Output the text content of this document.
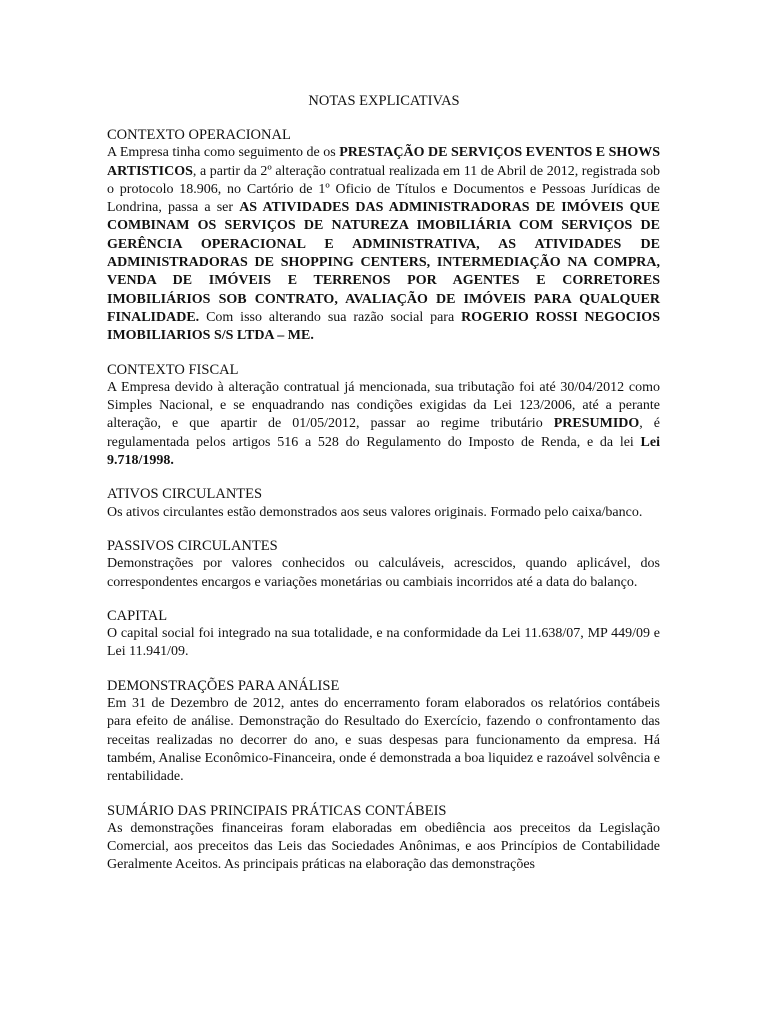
NOTAS EXPLICATIVAS
CONTEXTO OPERACIONAL
A Empresa tinha como seguimento de os PRESTAÇÃO DE SERVIÇOS EVENTOS E SHOWS ARTISTICOS, a partir da 2º alteração contratual realizada em 11 de Abril de 2012, registrada sob o protocolo 18.906, no Cartório de 1º Oficio de Títulos e Documentos e Pessoas Jurídicas de Londrina, passa a ser AS ATIVIDADES DAS ADMINISTRADORAS DE IMÓVEIS QUE COMBINAM OS SERVIÇOS DE NATUREZA IMOBILIÁRIA COM SERVIÇOS DE GERÊNCIA OPERACIONAL E ADMINISTRATIVA, AS ATIVIDADES DE ADMINISTRADORAS DE SHOPPING CENTERS, INTERMEDIAÇÃO NA COMPRA, VENDA DE IMÓVEIS E TERRENOS POR AGENTES E CORRETORES IMOBILIÁRIOS SOB CONTRATO, AVALIAÇÃO DE IMÓVEIS PARA QUALQUER FINALIDADE. Com isso alterando sua razão social para ROGERIO ROSSI NEGOCIOS IMOBILIARIOS S/S LTDA – ME.
CONTEXTO FISCAL
A Empresa devido à alteração contratual já mencionada, sua tributação foi até 30/04/2012 como Simples Nacional, e se enquadrando nas condições exigidas da Lei 123/2006, até a perante alteração, e que apartir de 01/05/2012, passar ao regime tributário PRESUMIDO, é regulamentada pelos artigos 516 a 528 do Regulamento do Imposto de Renda, e da lei Lei 9.718/1998.
ATIVOS CIRCULANTES
Os ativos circulantes estão demonstrados aos seus valores originais. Formado pelo caixa/banco.
PASSIVOS CIRCULANTES
Demonstrações por valores conhecidos ou calculáveis, acrescidos, quando aplicável, dos correspondentes encargos e variações monetárias ou cambiais incorridos até a data do balanço.
CAPITAL
O capital social foi integrado na sua totalidade, e na conformidade da Lei 11.638/07, MP 449/09 e Lei 11.941/09.
DEMONSTRAÇÕES PARA ANÁLISE
Em 31 de Dezembro de 2012, antes do encerramento foram elaborados os relatórios contábeis para efeito de análise. Demonstração do Resultado do Exercício, fazendo o confrontamento das receitas realizadas no decorrer do ano, e suas despesas para funcionamento da empresa. Há também, Analise Econômico-Financeira, onde é demonstrada a boa liquidez e razoável solvência e rentabilidade.
SUMÁRIO DAS PRINCIPAIS PRÁTICAS CONTÁBEIS
As demonstrações financeiras foram elaboradas em obediência aos preceitos da Legislação Comercial, aos preceitos das Leis das Sociedades Anônimas, e aos Princípios de Contabilidade Geralmente Aceitos. As principais práticas na elaboração das demonstrações
